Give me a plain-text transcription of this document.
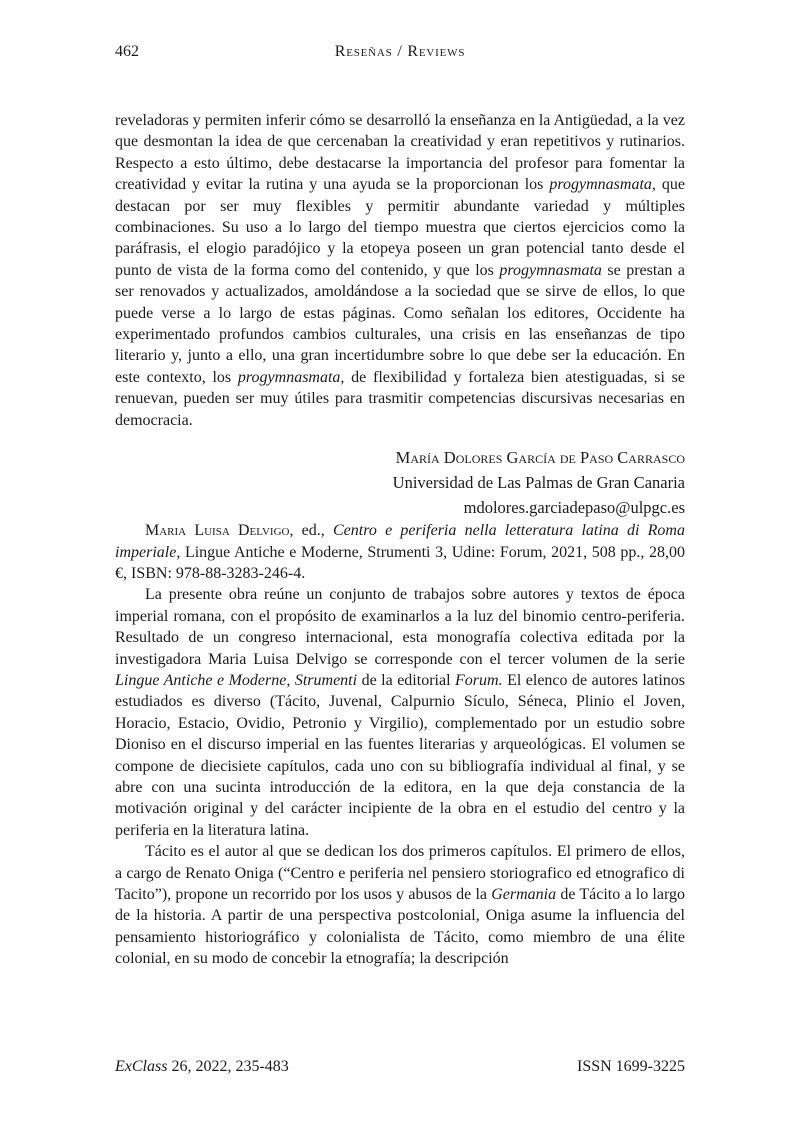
462	Reseñas / Reviews

reveladoras y permiten inferir cómo se desarrolló la enseñanza en la Antigüedad, a la vez que desmontan la idea de que cercenaban la creatividad y eran repetitivos y rutinarios. Respecto a esto último, debe destacarse la importancia del profesor para fomentar la creatividad y evitar la rutina y una ayuda se la proporcionan los progymnasmata, que destacan por ser muy flexibles y permitir abundante variedad y múltiples combinaciones. Su uso a lo largo del tiempo muestra que ciertos ejercicios como la paráfrasis, el elogio paradójico y la etopeya poseen un gran potencial tanto desde el punto de vista de la forma como del contenido, y que los progymnasmata se prestan a ser renovados y actualizados, amoldándose a la sociedad que se sirve de ellos, lo que puede verse a lo largo de estas páginas. Como señalan los editores, Occidente ha experimentado profundos cambios culturales, una crisis en las enseñanzas de tipo literario y, junto a ello, una gran incertidumbre sobre lo que debe ser la educación. En este contexto, los progymnasmata, de flexibilidad y fortaleza bien atestiguadas, si se renuevan, pueden ser muy útiles para trasmitir competencias discursivas necesarias en democracia.

María Dolores García de Paso Carrasco
Universidad de Las Palmas de Gran Canaria
mdolores.garciadepaso@ulpgc.es

Maria Luisa Delvigo, ed., Centro e periferia nella letteratura latina di Roma imperiale, Lingue Antiche e Moderne, Strumenti 3, Udine: Forum, 2021, 508 pp., 28,00 €, ISBN: 978-88-3283-246-4.

La presente obra reúne un conjunto de trabajos sobre autores y textos de época imperial romana, con el propósito de examinarlos a la luz del binomio centro-periferia. Resultado de un congreso internacional, esta monografía colectiva editada por la investigadora Maria Luisa Delvigo se corresponde con el tercer volumen de la serie Lingue Antiche e Moderne, Strumenti de la editorial Forum. El elenco de autores latinos estudiados es diverso (Tácito, Juvenal, Calpurnio Sículo, Séneca, Plinio el Joven, Horacio, Estacio, Ovidio, Petronio y Virgilio), complementado por un estudio sobre Dioniso en el discurso imperial en las fuentes literarias y arqueológicas. El volumen se compone de diecisiete capítulos, cada uno con su bibliografía individual al final, y se abre con una sucinta introducción de la editora, en la que deja constancia de la motivación original y del carácter incipiente de la obra en el estudio del centro y la periferia en la literatura latina.

Tácito es el autor al que se dedican los dos primeros capítulos. El primero de ellos, a cargo de Renato Oniga (“Centro e periferia nel pensiero storiografico ed etnografico di Tacito”), propone un recorrido por los usos y abusos de la Germania de Tácito a lo largo de la historia. A partir de una perspectiva postcolonial, Oniga asume la influencia del pensamiento historiográfico y colonialista de Tácito, como miembro de una élite colonial, en su modo de concebir la etnografía; la descripción

ExClass 26, 2022, 235-483	ISSN 1699-3225
